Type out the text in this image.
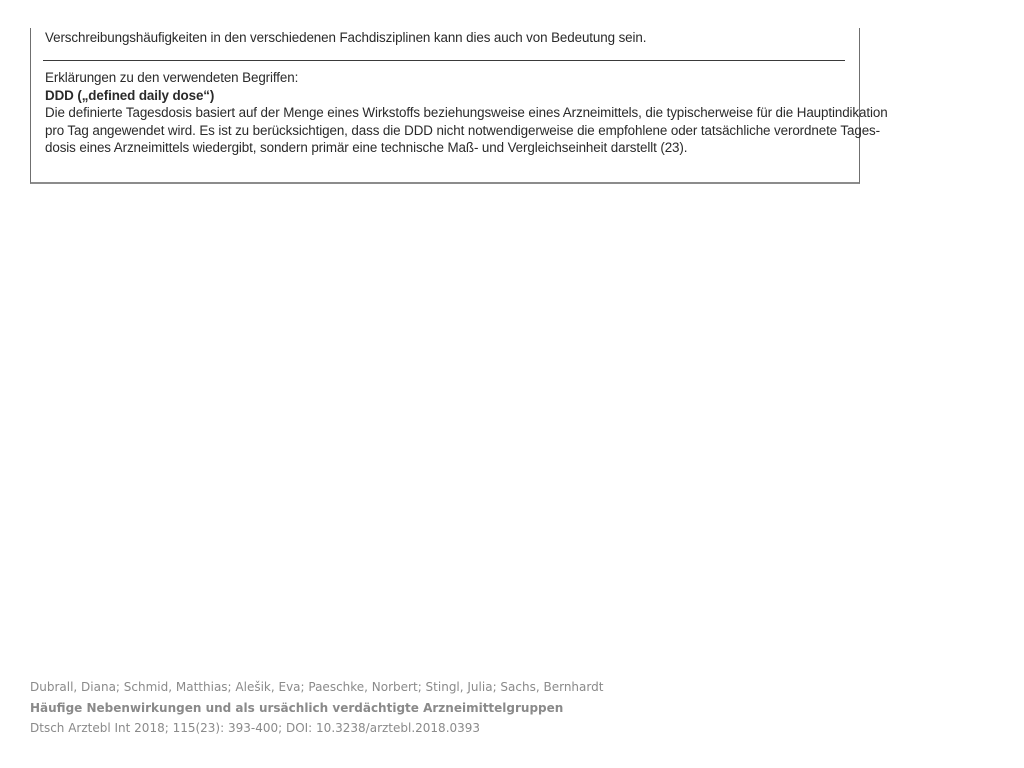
Verschreibungshäufigkeiten in den verschiedenen Fachdisziplinen kann dies auch von Bedeutung sein.
Erklärungen zu den verwendeten Begriffen:
DDD („defined daily dose“)
Die definierte Tagesdosis basiert auf der Menge eines Wirkstoffs beziehungsweise eines Arzneimittels, die typischerweise für die Hauptindikation
pro Tag angewendet wird. Es ist zu berücksichtigen, dass die DDD nicht notwendigerweise die empfohlene oder tatsächliche verordnete Tages-
dosis eines Arzneimittels wiedergibt, sondern primär eine technische Maß- und Vergleichseinheit darstellt (23).
Dubrall, Diana; Schmid, Matthias; Alešik, Eva; Paeschke, Norbert; Stingl, Julia; Sachs, Bernhardt
Häufige Nebenwirkungen und als ursächlich verdächtigte Arzneimittelgruppen
Dtsch Arztebl Int 2018; 115(23): 393-400; DOI: 10.3238/arztebl.2018.0393
